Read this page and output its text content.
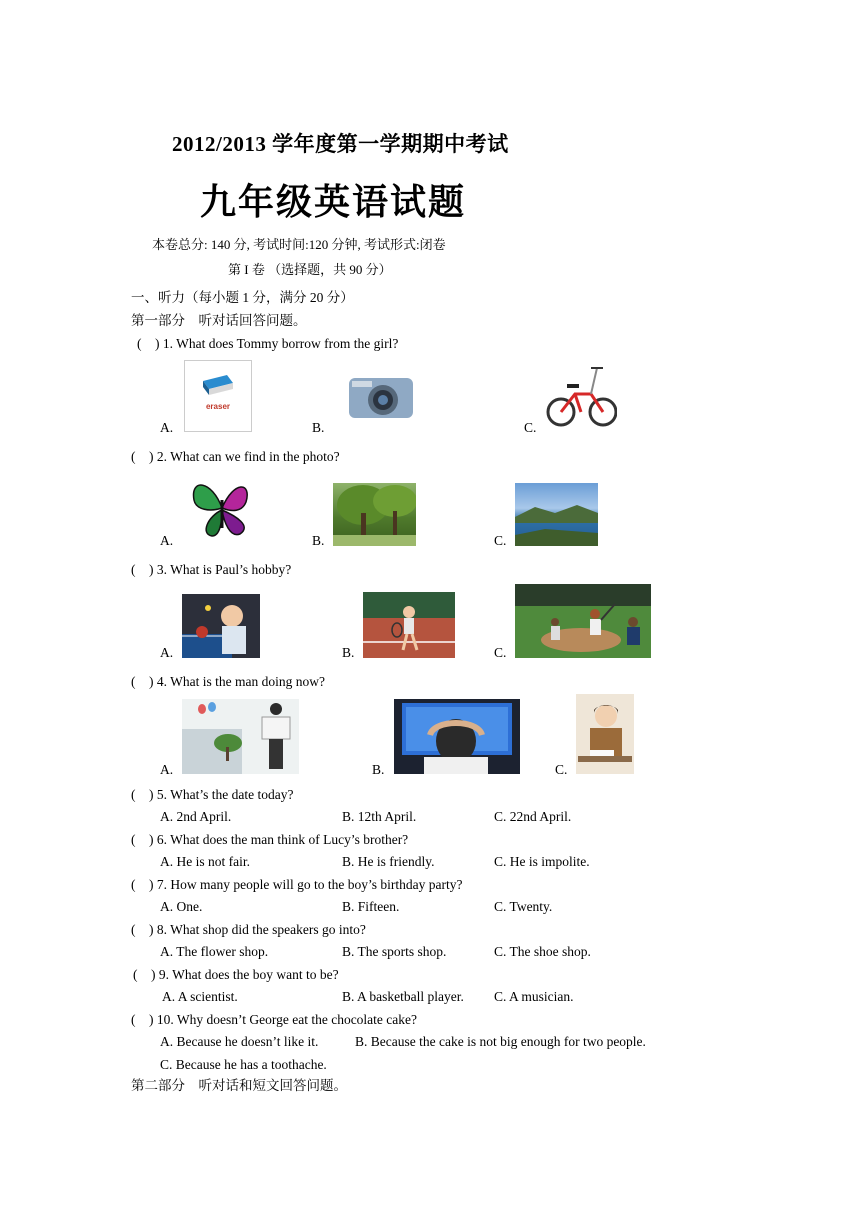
2012/2013 学年度第一学期期中考试
九年级英语试题
本卷总分: 140 分, 考试时间:120 分钟, 考试形式:闭卷
第 I 卷 （选择题，共 90 分）
一、听力（每小题 1 分，满分 20 分）
第一部分　听对话回答问题。
(　) 1. What does Tommy borrow from the girl?
eraser
A.	B.	C.
(　) 2. What can we find in the photo?
A.	B.	C.
(　) 3. What is Paul’s hobby?
A.	B.	C.
(　) 4. What is the man doing now?
A.	B.	C.
(　) 5. What’s the date today?
A. 2nd April.	B. 12th April.	C. 22nd April.
(　) 6. What does the man think of Lucy’s brother?
A. He is not fair.	B. He is friendly.	C. He is impolite.
(　) 7. How many people will go to the boy’s birthday party?
A. One.	B. Fifteen.	C. Twenty.
(　) 8. What shop did the speakers go into?
A. The flower shop.	B. The sports shop.	C. The shoe shop.
(　) 9. What does the boy want to be?
A. A scientist.	B. A basketball player. C. A musician.
(　) 10. Why doesn’t George eat the chocolate cake?
A. Because he doesn’t like it.	B. Because the cake is not big enough for two people.
C. Because he has a toothache.
第二部分　听对话和短文回答问题。
